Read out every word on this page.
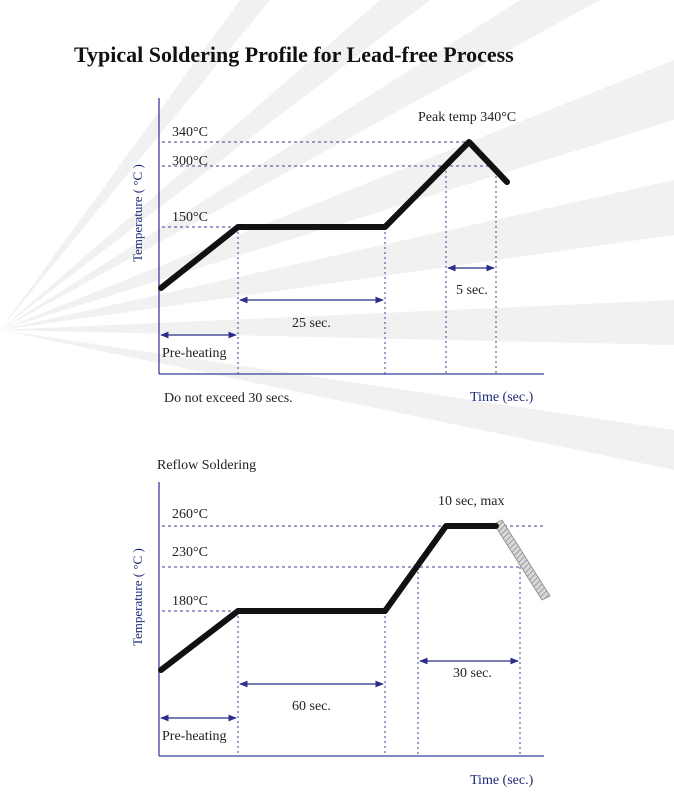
Typical Soldering Profile for Lead-free Process
Temperature ( °C )
340°C
300°C
150°C
Peak temp 340°C
5 sec.
25 sec.
Pre-heating
Do not exceed 30 secs.	Time (sec.)
Reflow Soldering
Temperature ( °C )
260°C
230°C
180°C
10 sec, max
30 sec.
60 sec.
Pre-heating
Time (sec.)
